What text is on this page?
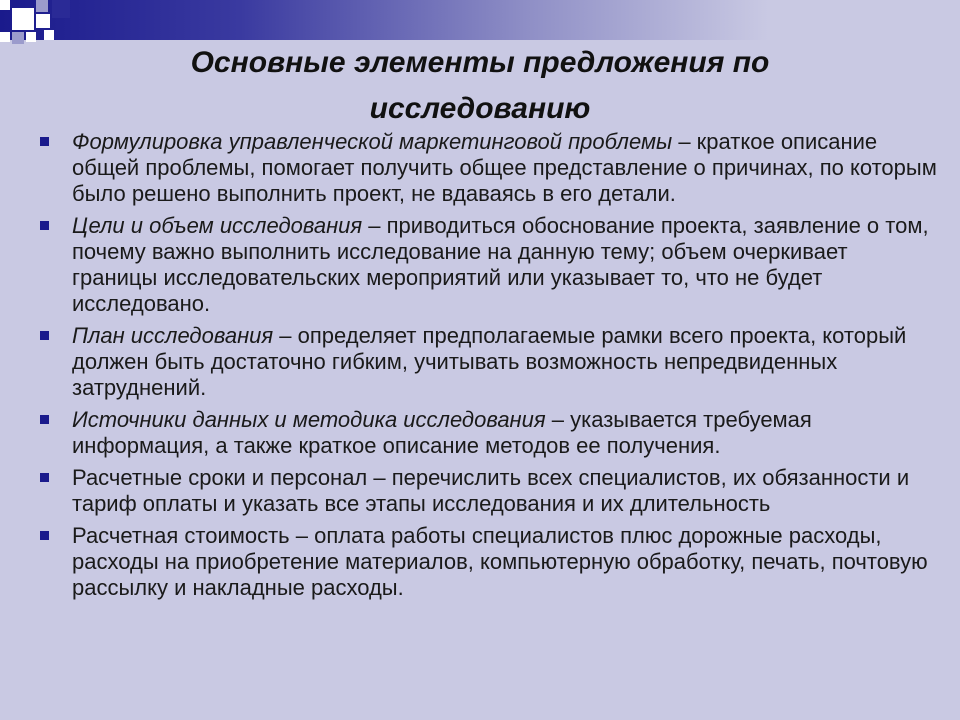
Основные элементы предложения по
исследованию
Формулировка управленческой маркетинговой проблемы – краткое описание общей проблемы, помогает получить общее представление о причинах, по которым было решено выполнить проект, не вдаваясь в его детали.
Цели и объем исследования – приводиться обоснование проекта, заявление о том, почему важно выполнить исследование на данную тему; объем очеркивает границы исследовательских мероприятий или указывает то, что не будет исследовано.
План исследования – определяет предполагаемые рамки всего проекта, который должен быть достаточно гибким, учитывать возможность непредвиденных затруднений.
Источники данных и методика исследования – указывается требуемая информация, а также краткое описание методов ее получения.
Расчетные сроки и персонал – перечислить всех специалистов, их обязанности и тариф оплаты и указать все этапы исследования и их длительность
Расчетная стоимость – оплата работы специалистов плюс дорожные расходы, расходы на приобретение материалов, компьютерную обработку, печать, почтовую рассылку и накладные расходы.
